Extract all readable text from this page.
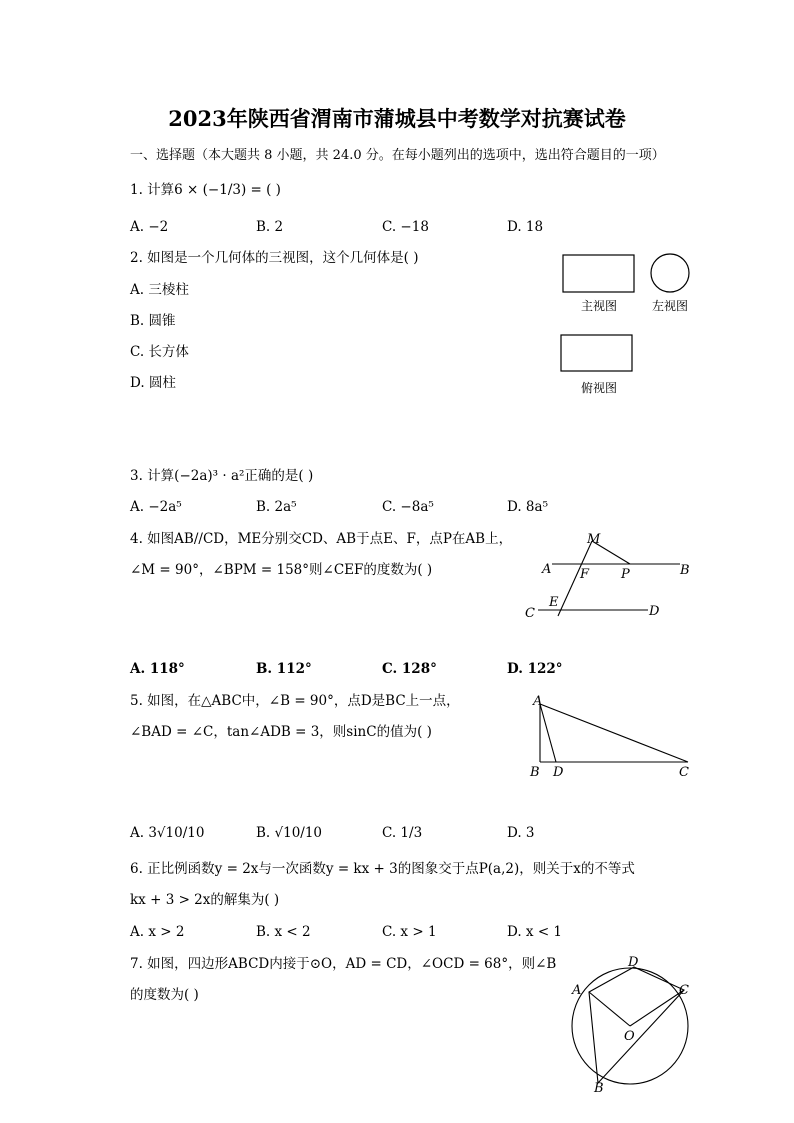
2023年陕西省渭南市蒲城县中考数学对抗赛试卷
一、选择题（本大题共 8 小题，共 24.0 分。在每小题列出的选项中，选出符合题目的一项）
1. 计算6 × (−1/3) = ( )
A. −2	B. 2	C. −18	D. 18
2. 如图是一个几何体的三视图，这个几何体是( )
A. 三棱柱
B. 圆锥
C. 长方体
D. 圆柱
主视图	左视图
俯视图
3. 计算(−2a)³ · a²正确的是( )
A. −2a⁵	B. 2a⁵	C. −8a⁵	D. 8a⁵
4. 如图AB//CD，ME分别交CD、AB于点E、F，点P在AB上，
∠M = 90°，∠BPM = 158°则∠CEF的度数为( )
M
A F P	B
C
E
D
A. 118°	B. 112°	C. 128°	D. 122°
5. 如图，在△ABC中，∠B = 90°，点D是BC上一点，
∠BAD = ∠C，tan∠ADB = 3，则sinC的值为( )
A
B D	C
A. 3√10/10	B. √10/10	C. 1/3	D. 3
6. 正比例函数y = 2x与一次函数y = kx + 3的图象交于点P(a,2)，则关于x的不等式
kx + 3 > 2x的解集为( )
A. x > 2	B. x < 2	C. x > 1	D. x < 1
7. 如图，四边形ABCD内接于⊙O，AD = CD，∠OCD = 68°，则∠B
的度数为( )
D
A	C
O
B
